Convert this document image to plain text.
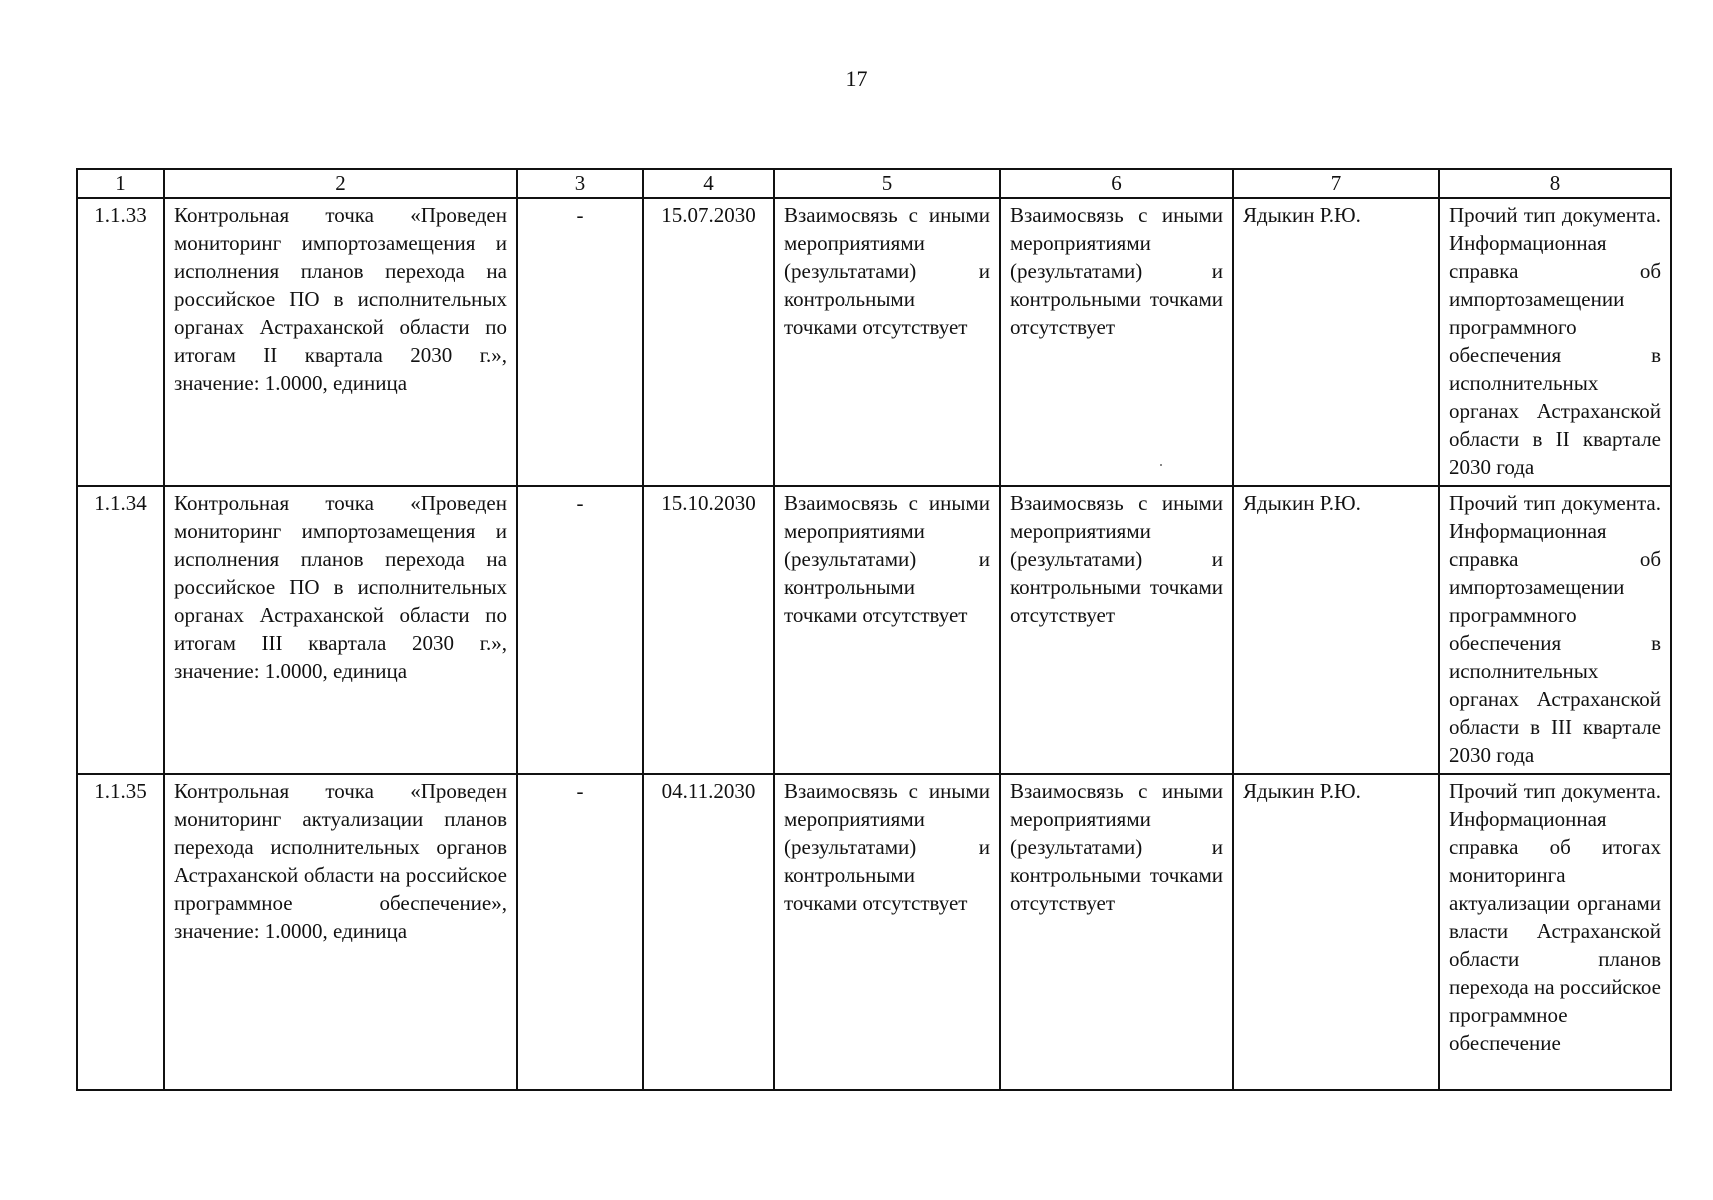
17
1	2	3	4	5	6	7	8
1.1.33	Контрольная точка «Проведен мониторинг импортозамещения и исполнения планов перехода на российское ПО в исполнительных органах Астраханской области по итогам II квартала 2030 г.», значение: 1.0000, единица	-	15.07.2030	Взаимосвязь с иными мероприятиями (результатами) и контрольными точками отсутствует	Взаимосвязь с иными мероприятиями (результатами) и контрольными точками отсутствует	Ядыкин Р.Ю.	Прочий тип документа. Информационная справка об импортозамещении программного обеспечения в исполнительных органах Астраханской области в II квартале 2030 года
1.1.34	Контрольная точка «Проведен мониторинг импортозамещения и исполнения планов перехода на российское ПО в исполнительных органах Астраханской области по итогам III квартала 2030 г.», значение: 1.0000, единица	-	15.10.2030	Взаимосвязь с иными мероприятиями (результатами) и контрольными точками отсутствует	Взаимосвязь с иными мероприятиями (результатами) и контрольными точками отсутствует	Ядыкин Р.Ю.	Прочий тип документа. Информационная справка об импортозамещении программного обеспечения в исполнительных органах Астраханской области в III квартале 2030 года
1.1.35	Контрольная точка «Проведен мониторинг актуализации планов перехода исполнительных органов Астраханской области на российское программное обеспечение», значение: 1.0000, единица	-	04.11.2030	Взаимосвязь с иными мероприятиями (результатами) и контрольными точками отсутствует	Взаимосвязь с иными мероприятиями (результатами) и контрольными точками отсутствует	Ядыкин Р.Ю.	Прочий тип документа. Информационная справка об итогах мониторинга актуализации органами власти Астраханской области планов перехода на российское программное обеспечение
